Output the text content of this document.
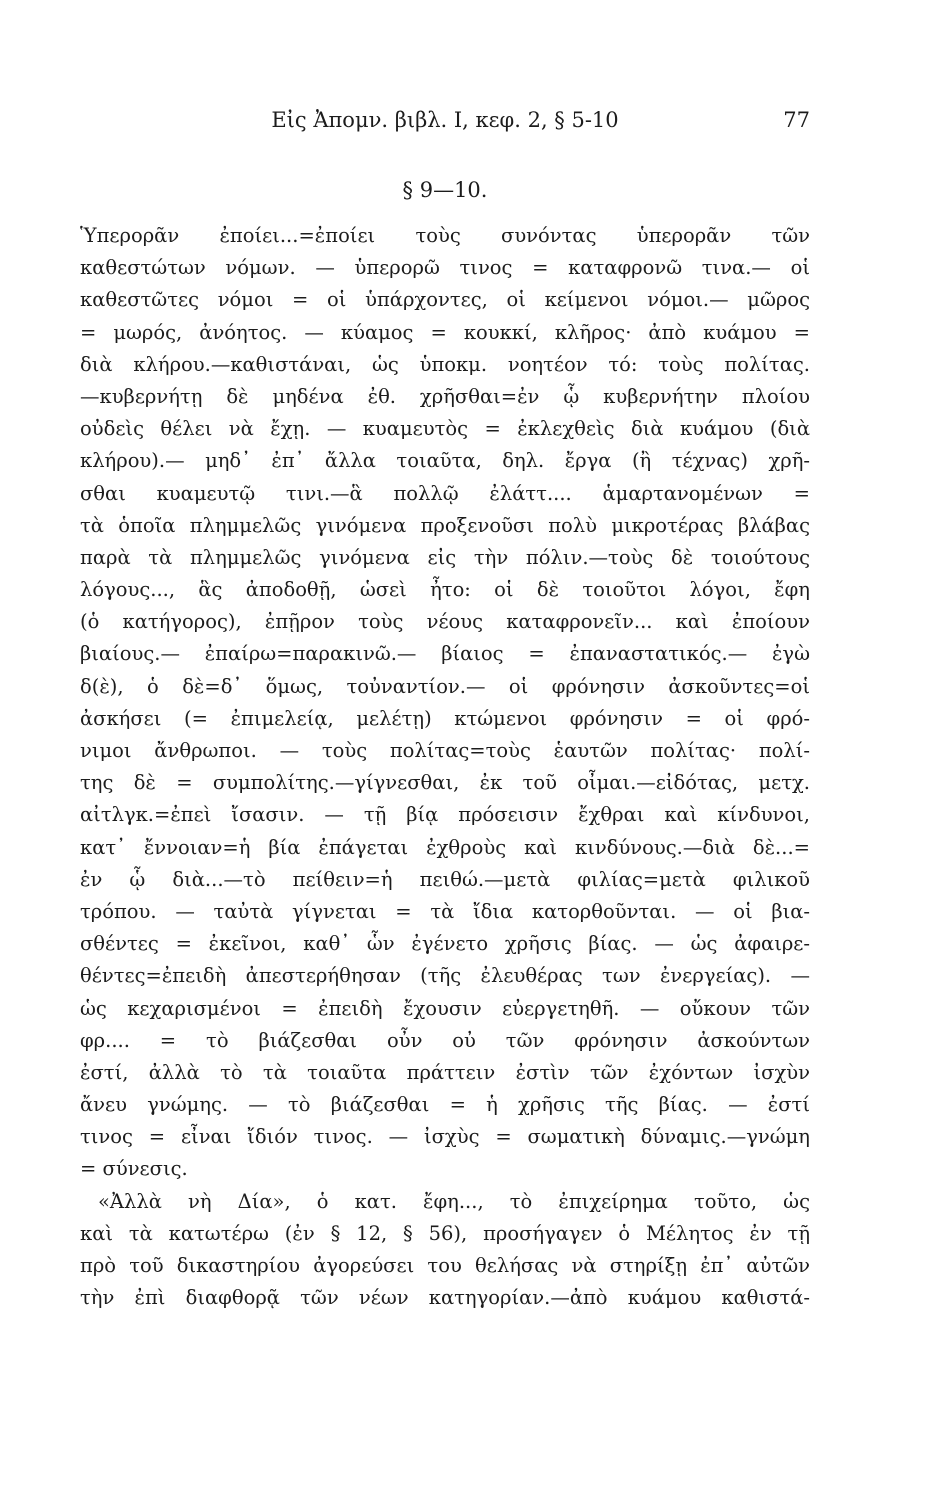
Εἰς Ἀπομν. βιβλ. I, κεφ. 2, § 5-10	77
§ 9—10.
Ὑπερορᾶν ἐποίει...=ἐποίει τοὺς συνόντας ὑπερορᾶν τῶν
καθεστώτων νόμων. — ὑπερορῶ τινος = καταφρονῶ τινα.— οἱ
καθεστῶτες νόμοι = οἱ ὑπάρχοντες, οἱ κείμενοι νόμοι.— μῶρος
= μωρός, ἀνόητος. — κύαμος = κουκκί, κλῆρος· ἀπὸ κυάμου =
διὰ κλήρου.—καθιστάναι, ὡς ὑποκμ. νοητέον τό: τοὺς πολίτας.
—κυβερνήτῃ δὲ μηδένα ἐθ. χρῆσθαι=ἐν ᾧ κυβερνήτην πλοίου
οὐδεὶς θέλει νὰ ἔχῃ. — κυαμευτὸς = ἐκλεχθεὶς διὰ κυάμου (διὰ
κλήρου).— μηδ᾽ ἐπ᾽ ἄλλα τοιαῦτα, δηλ. ἔργα (ἢ τέχνας) χρῆ-
σθαι κυαμευτῷ τινι.—ἃ πολλῷ ἐλάττ.... ἁμαρτανομένων =
τὰ ὁποῖα πλημμελῶς γινόμενα προξενοῦσι πολὺ μικροτέρας βλάβας
παρὰ τὰ πλημμελῶς γινόμενα εἰς τὴν πόλιν.—τοὺς δὲ τοιούτους
λόγους..., ἃς ἀποδοθῇ, ὡσεὶ ἦτο: οἱ δὲ τοιοῦτοι λόγοι, ἔφη
(ὁ κατήγορος), ἐπῇρον τοὺς νέους καταφρονεῖν... καὶ ἐποίουν
βιαίους.— ἐπαίρω=παρακινῶ.— βίαιος = ἐπαναστατικός.— ἐγὼ
δ(ὲ), ὁ δὲ=δ᾽ ὅμως, τοὐναντίον.— οἱ φρόνησιν ἀσκοῦντες=οἱ
ἀσκήσει (= ἐπιμελείᾳ, μελέτῃ) κτώμενοι φρόνησιν = οἱ φρό-
νιμοι ἄνθρωποι. — τοὺς πολίτας=τοὺς ἑαυτῶν πολίτας· πολί-
της δὲ = συμπολίτης.—γίγνεσθαι, ἐκ τοῦ οἶμαι.—εἰδότας, μετχ.
αἰτλγκ.=ἐπεὶ ἴσασιν. — τῇ βίᾳ πρόσεισιν ἔχθραι καὶ κίνδυνοι,
κατ᾽ ἔννοιαν=ἡ βία ἐπάγεται ἐχθροὺς καὶ κινδύνους.—διὰ δὲ...=
ἐν ᾧ διὰ...—τὸ πείθειν=ἡ πειθώ.—μετὰ φιλίας=μετὰ φιλικοῦ
τρόπου. — ταὐτὰ γίγνεται = τὰ ἴδια κατορθοῦνται. — οἱ βια-
σθέντες = ἐκεῖνοι, καθ᾽ ὧν ἐγένετο χρῆσις βίας. — ὡς ἀφαιρε-
θέντες=ἐπειδὴ ἀπεστερήθησαν (τῆς ἐλευθέρας των ἐνεργείας). —
ὡς κεχαρισμένοι = ἐπειδὴ ἔχουσιν εὐεργετηθῆ. — οὔκουν τῶν
φρ.... = τὸ βιάζεσθαι οὖν οὐ τῶν φρόνησιν ἀσκούντων
ἐστί, ἀλλὰ τὸ τὰ τοιαῦτα πράττειν ἐστὶν τῶν ἐχόντων ἰσχὺν
ἄνευ γνώμης. — τὸ βιάζεσθαι = ἡ χρῆσις τῆς βίας. — ἐστί
τινος = εἶναι ἴδιόν τινος. — ἰσχὺς = σωματικὴ δύναμις.—γνώμη
= σύνεσις.
«Ἀλλὰ νὴ Δία», ὁ κατ. ἔφη..., τὸ ἐπιχείρημα τοῦτο, ὡς
καὶ τὰ κατωτέρω (ἐν § 12, § 56), προσήγαγεν ὁ Μέλητος ἐν τῇ
πρὸ τοῦ δικαστηρίου ἀγορεύσει του θελήσας νὰ στηρίξῃ ἐπ᾽ αὐτῶν
τὴν ἐπὶ διαφθορᾷ τῶν νέων κατηγορίαν.—ἀπὸ κυάμου καθιστά-
